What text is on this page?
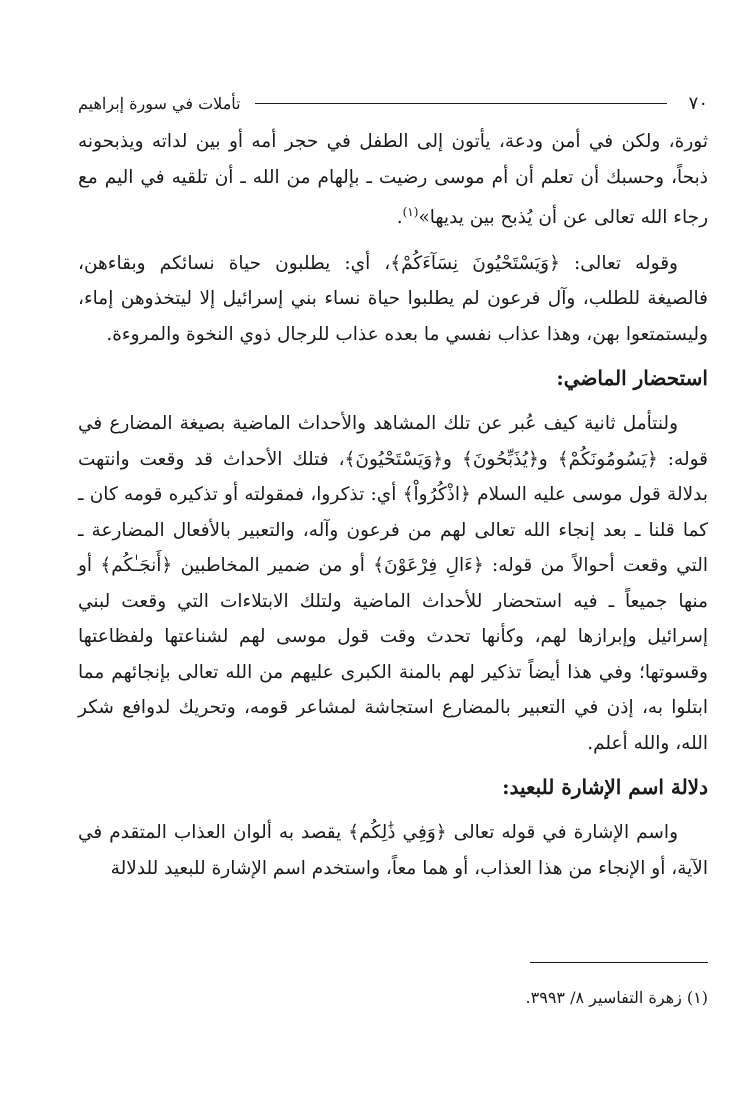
٧٠
تأملات في سورة إبراهيم

ثورة، ولكن في أمن ودعة، يأتون إلى الطفل في حجر أمه أو بين لداته ويذبحونه ذبحاً، وحسبك أن تعلم أن أم موسى رضيت ـ بإلهام من الله ـ أن تلقيه في اليم مع رجاء الله تعالى عن أن يُذبح بين يديها»$^{(١)}$.

وقوله تعالى: ﴿وَيَسْتَحْيُونَ نِسَآءَكُمْ﴾، أي: يطلبون حياة نسائكم وبقاءهن، فالصيغة للطلب، وآل فرعون لم يطلبوا حياة نساء بني إسرائيل إلا ليتخذوهن إماء، وليستمتعوا بهن، وهذا عذاب نفسي ما بعده عذاب للرجال ذوي النخوة والمروءة.

استحضار الماضي:

ولنتأمل ثانية كيف عُبر عن تلك المشاهد والأحداث الماضية بصيغة المضارع في قوله: ﴿يَسُومُونَكُمْ﴾ و﴿يُذَبِّحُونَ﴾ و﴿وَيَسْتَحْيُونَ﴾، فتلك الأحداث قد وقعت وانتهت بدلالة قول موسى عليه السلام ﴿اذْكُرُواْ﴾ أي: تذكروا، فمقولته أو تذكيره قومه كان ـ كما قلنا ـ بعد إنجاء الله تعالى لهم من فرعون وآله، والتعبير بالأفعال المضارعة ـ التي وقعت أحوالاً من قوله: ﴿ءَالِ فِرْعَوْنَ﴾ أو من ضمير المخاطبين ﴿أَنجَـٰكُم﴾ أو منها جميعاً ـ فيه استحضار للأحداث الماضية ولتلك الابتلاءات التي وقعت لبني إسرائيل وإبرازها لهم، وكأنها تحدث وقت قول موسى لهم لشناعتها ولفظاعتها وقسوتها؛ وفي هذا أيضاً تذكير لهم بالمنة الكبرى عليهم من الله تعالى بإنجائهم مما ابتلوا به، إذن في التعبير بالمضارع استجاشة لمشاعر قومه، وتحريك لدوافع شكر الله، والله أعلم.

دلالة اسم الإشارة للبعيد:

واسم الإشارة في قوله تعالى ﴿وَفِي ذَٰلِكُم﴾ يقصد به ألوان العذاب المتقدم في الآية، أو الإنجاء من هذا العذاب، أو هما معاً، واستخدم اسم الإشارة للبعيد للدلالة

(١) زهرة التفاسير ٨/ ٣٩٩٣.
